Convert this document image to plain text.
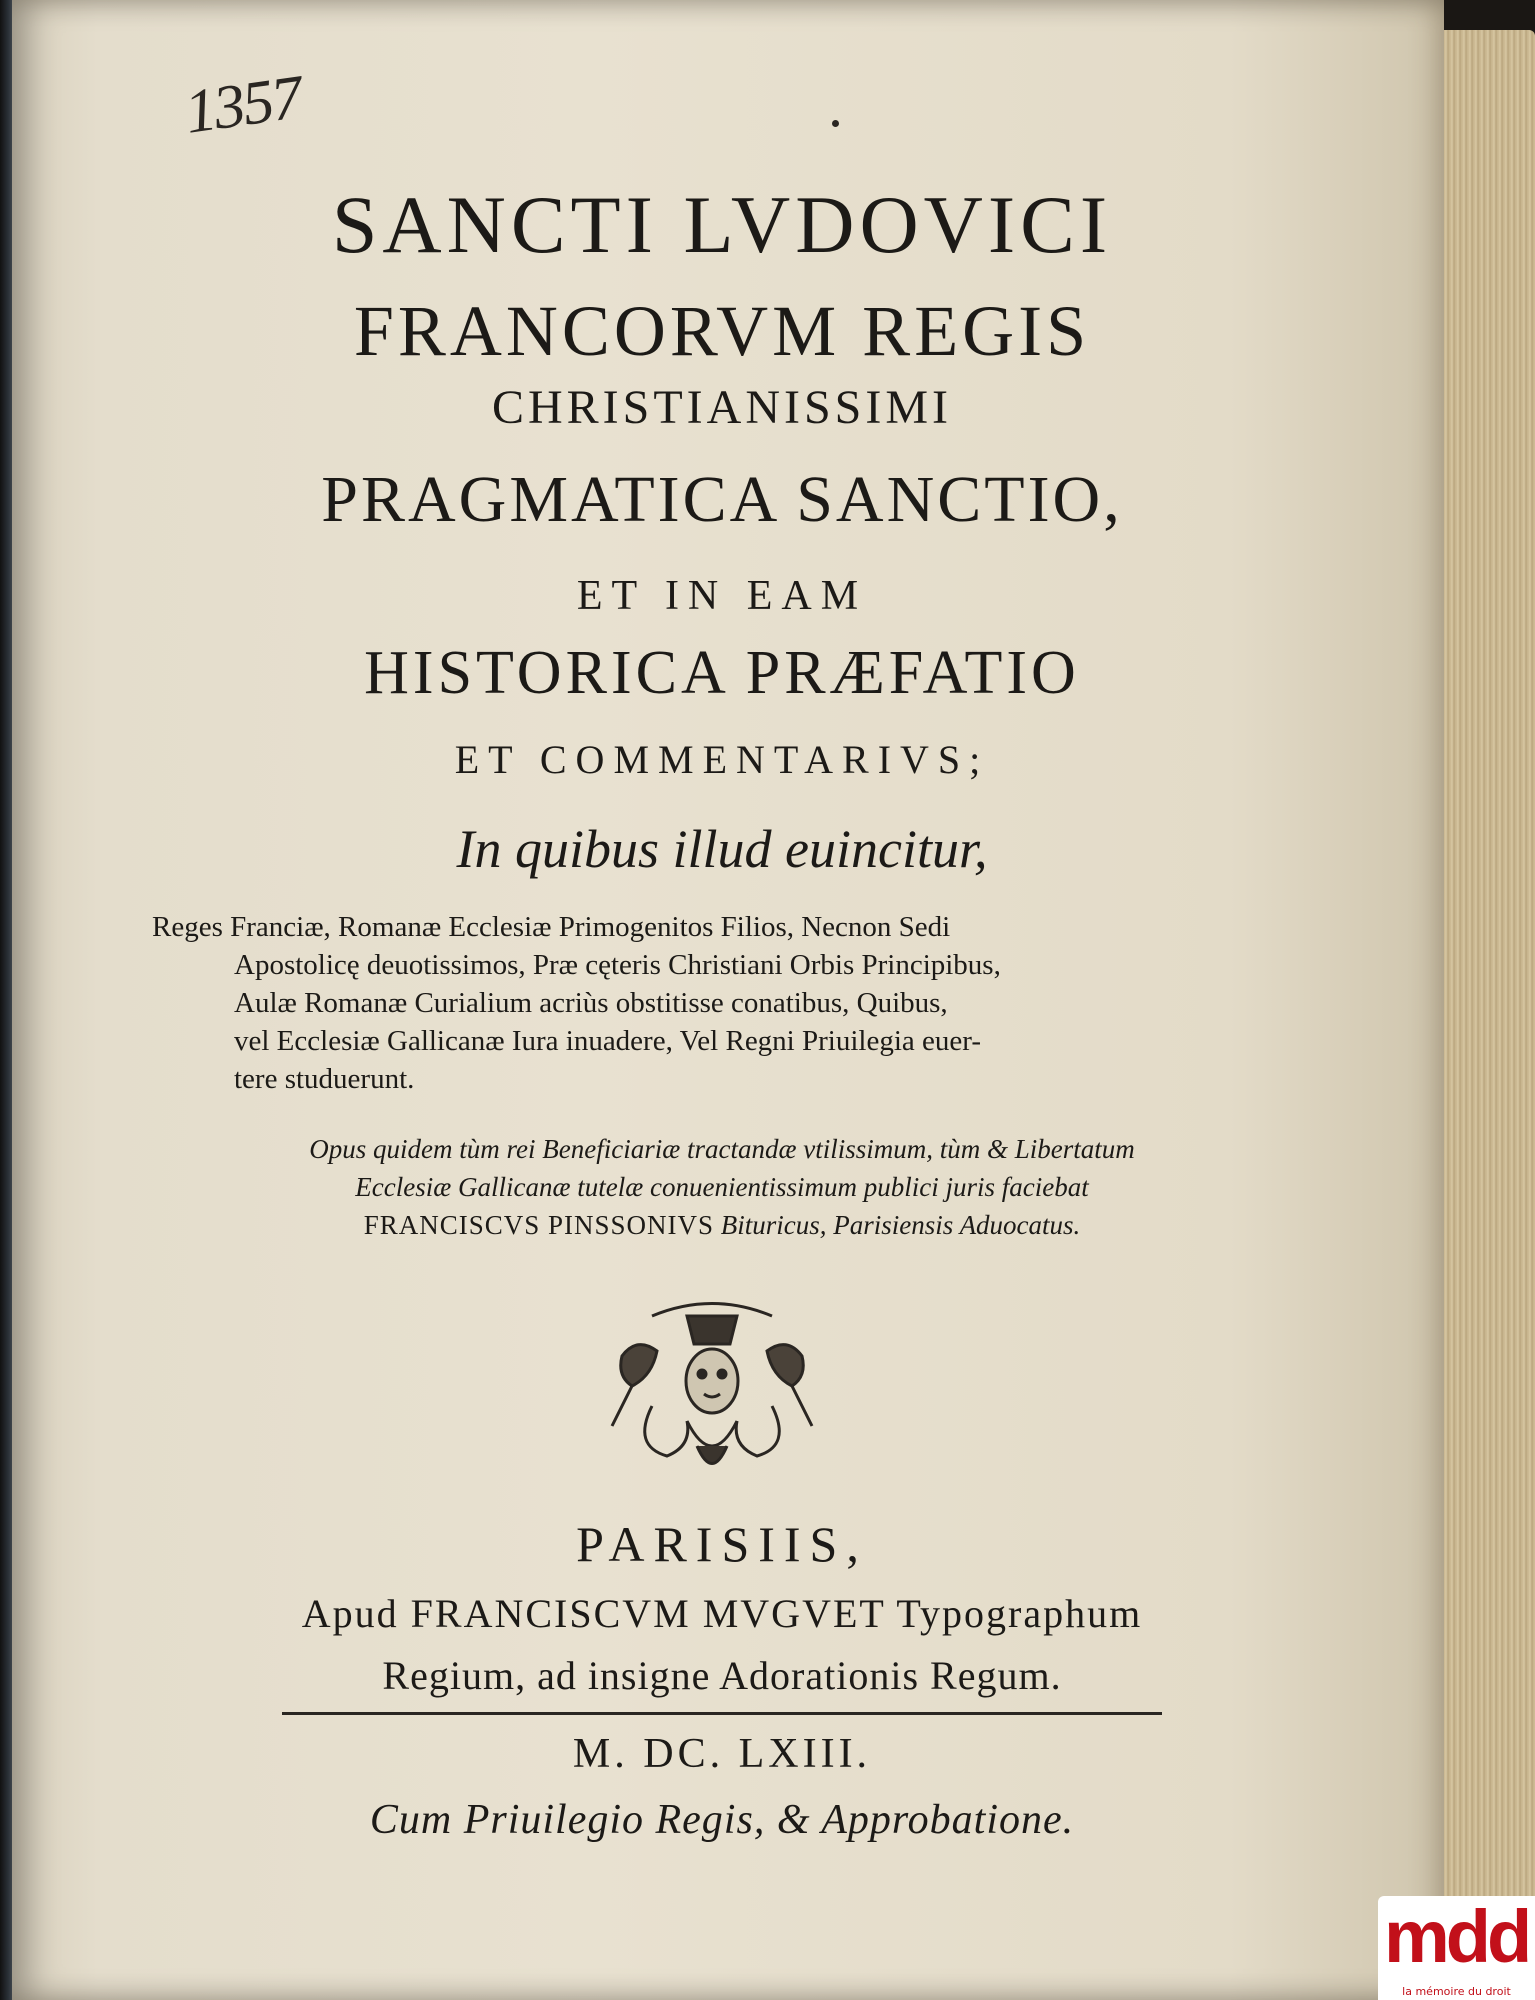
1357
SANCTI LVDOVICI
FRANCORVM REGIS
CHRISTIANISSIMI
PRAGMATICA SANCTIO,
ET IN EAM
HISTORICA PRÆFATIO
ET COMMENTARIVS;
In quibus illud euincitur,
Reges Franciæ, Romanæ Ecclesiæ Primogenitos Filios, Necnon Sedi
Apostolicę deuotissimos, Præ cęteris Christiani Orbis Principibus,
Aulæ Romanæ Curialium acriùs obstitisse conatibus, Quibus,
vel Ecclesiæ Gallicanæ Iura inuadere, Vel Regni Priuilegia euer-
tere studuerunt.
Opus quidem tùm rei Beneficiariæ tractandæ vtilissimum, tùm & Libertatum
Ecclesiæ Gallicanæ tutelæ conuenientissimum publici juris faciebat
FRANCISCVS PINSSONIVS Bituricus, Parisiensis Aduocatus.
PARISIIS,
Apud FRANCISCVM MVGVET Typographum
Regium, ad insigne Adorationis Regum.
M. DC. LXIII.
Cum Priuilegio Regis, & Approbatione.
mdd
la mémoire du droit
